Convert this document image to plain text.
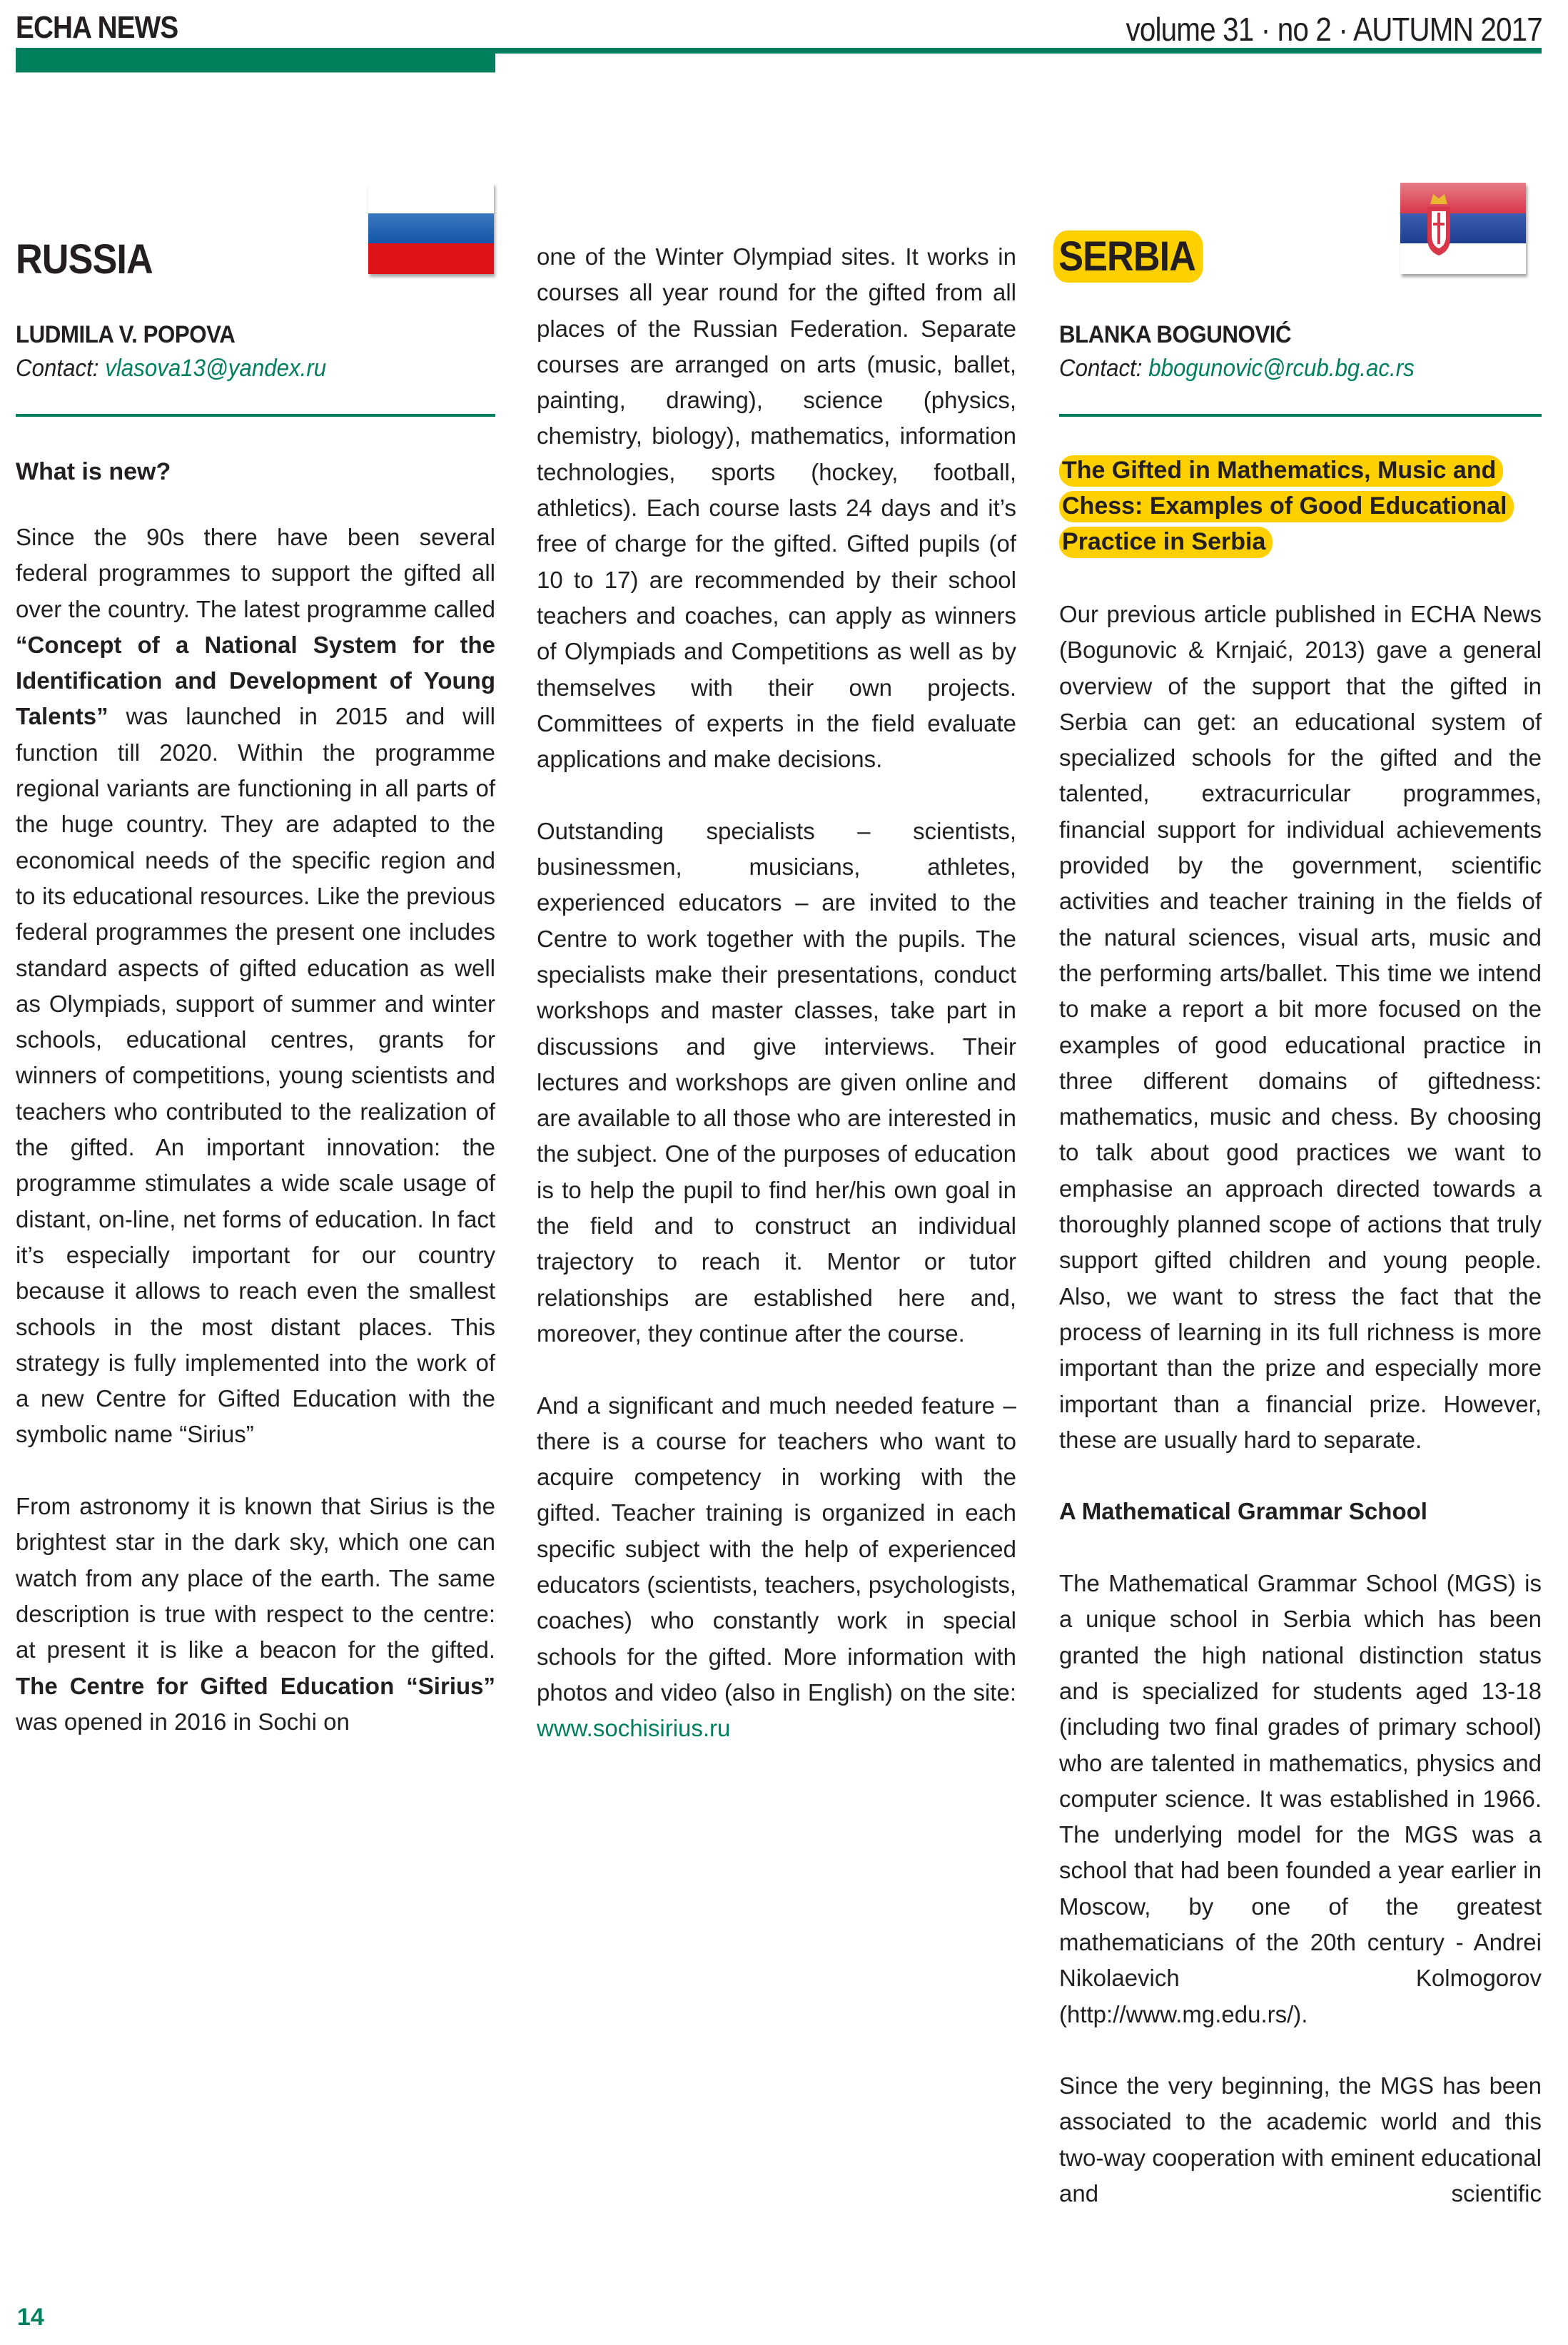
ECHA NEWS	volume 31 · no 2 · AUTUMN 2017
RUSSIA
LUDMILA V. POPOVA
Contact: vlasova13@yandex.ru
What is new?

Since the 90s there have been several federal programmes to support the gifted all over the country. The latest programme called “Concept of a National System for the Identification and Development of Young Talents” was launched in 2015 and will function till 2020. Within the programme regional variants are functioning in all parts of the huge country. They are adapted to the economical needs of the specific region and to its educational resources. Like the previous federal programmes the present one includes standard aspects of gifted education as well as Olympiads, support of summer and winter schools, educational centres, grants for winners of competitions, young scientists and teachers who contributed to the realization of the gifted. An important innovation: the programme stimulates a wide scale usage of distant, on-line, net forms of education. In fact it’s especially important for our country because it allows to reach even the smallest schools in the most distant places. This strategy is fully implemented into the work of a new Centre for Gifted Education with the symbolic name “Sirius”

From astronomy it is known that Sirius is the brightest star in the dark sky, which one can watch from any place of the earth. The same description is true with respect to the centre: at present it is like a beacon for the gifted. The Centre for Gifted Education “Sirius” was opened in 2016 in Sochi on

one of the Winter Olympiad sites. It works in courses all year round for the gifted from all places of the Russian Federation. Separate courses are arranged on arts (music, ballet, painting, drawing), science (physics, chemistry, biology), mathematics, information technologies, sports (hockey, football, athletics). Each course lasts 24 days and it’s free of charge for the gifted. Gifted pupils (of 10 to 17) are recommended by their school teachers and coaches, can apply as winners of Olympiads and Competitions as well as by themselves with their own projects. Committees of experts in the field evaluate applications and make decisions.

Outstanding specialists – scientists, businessmen, musicians, athletes, experienced educators – are invited to the Centre to work together with the pupils. The specialists make their presentations, conduct workshops and master classes, take part in discussions and give interviews. Their lectures and workshops are given online and are available to all those who are interested in the subject. One of the purposes of education is to help the pupil to find her/his own goal in the field and to construct an individual trajectory to reach it. Mentor or tutor relationships are established here and, moreover, they continue after the course.

And a significant and much needed feature – there is a course for teachers who want to acquire competency in working with the gifted. Teacher training is organized in each specific subject with the help of experienced educators (scientists, teachers, psychologists, coaches) who constantly work in special schools for the gifted. More information with photos and video (also in English) on the site: www.sochisirius.ru

SERBIA
BLANKA BOGUNOVIĆ
Contact: bbogunovic@rcub.bg.ac.rs
The Gifted in Mathematics, Music and
Chess: Examples of Good Educational
Practice in Serbia

Our previous article published in ECHA News (Bogunovic & Krnjaić, 2013) gave a general overview of the support that the gifted in Serbia can get: an educational system of specialized schools for the gifted and the talented, extracurricular programmes, financial support for individual achievements provided by the government, scientific activities and teacher training in the fields of the natural sciences, visual arts, music and the performing arts/ballet. This time we intend to make a report a bit more focused on the examples of good educational practice in three different domains of giftedness: mathematics, music and chess. By choosing to talk about good practices we want to emphasise an approach directed towards a thoroughly planned scope of actions that truly support gifted children and young people. Also, we want to stress the fact that the process of learning in its full richness is more important than the prize and especially more important than a financial prize. However, these are usually hard to separate.

A Mathematical Grammar School

The Mathematical Grammar School (MGS) is a unique school in Serbia which has been granted the high national distinction status and is specialized for students aged 13-18 (including two final grades of primary school) who are talented in mathematics, physics and computer science. It was established in 1966. The underlying model for the MGS was a school that had been founded a year earlier in Moscow, by one of the greatest mathematicians of the 20th century - Andrei Nikolaevich Kolmogorov (http://www.mg.edu.rs/).

Since the very beginning, the MGS has been associated to the academic world and this two-way cooperation with eminent educational and scientific

14
